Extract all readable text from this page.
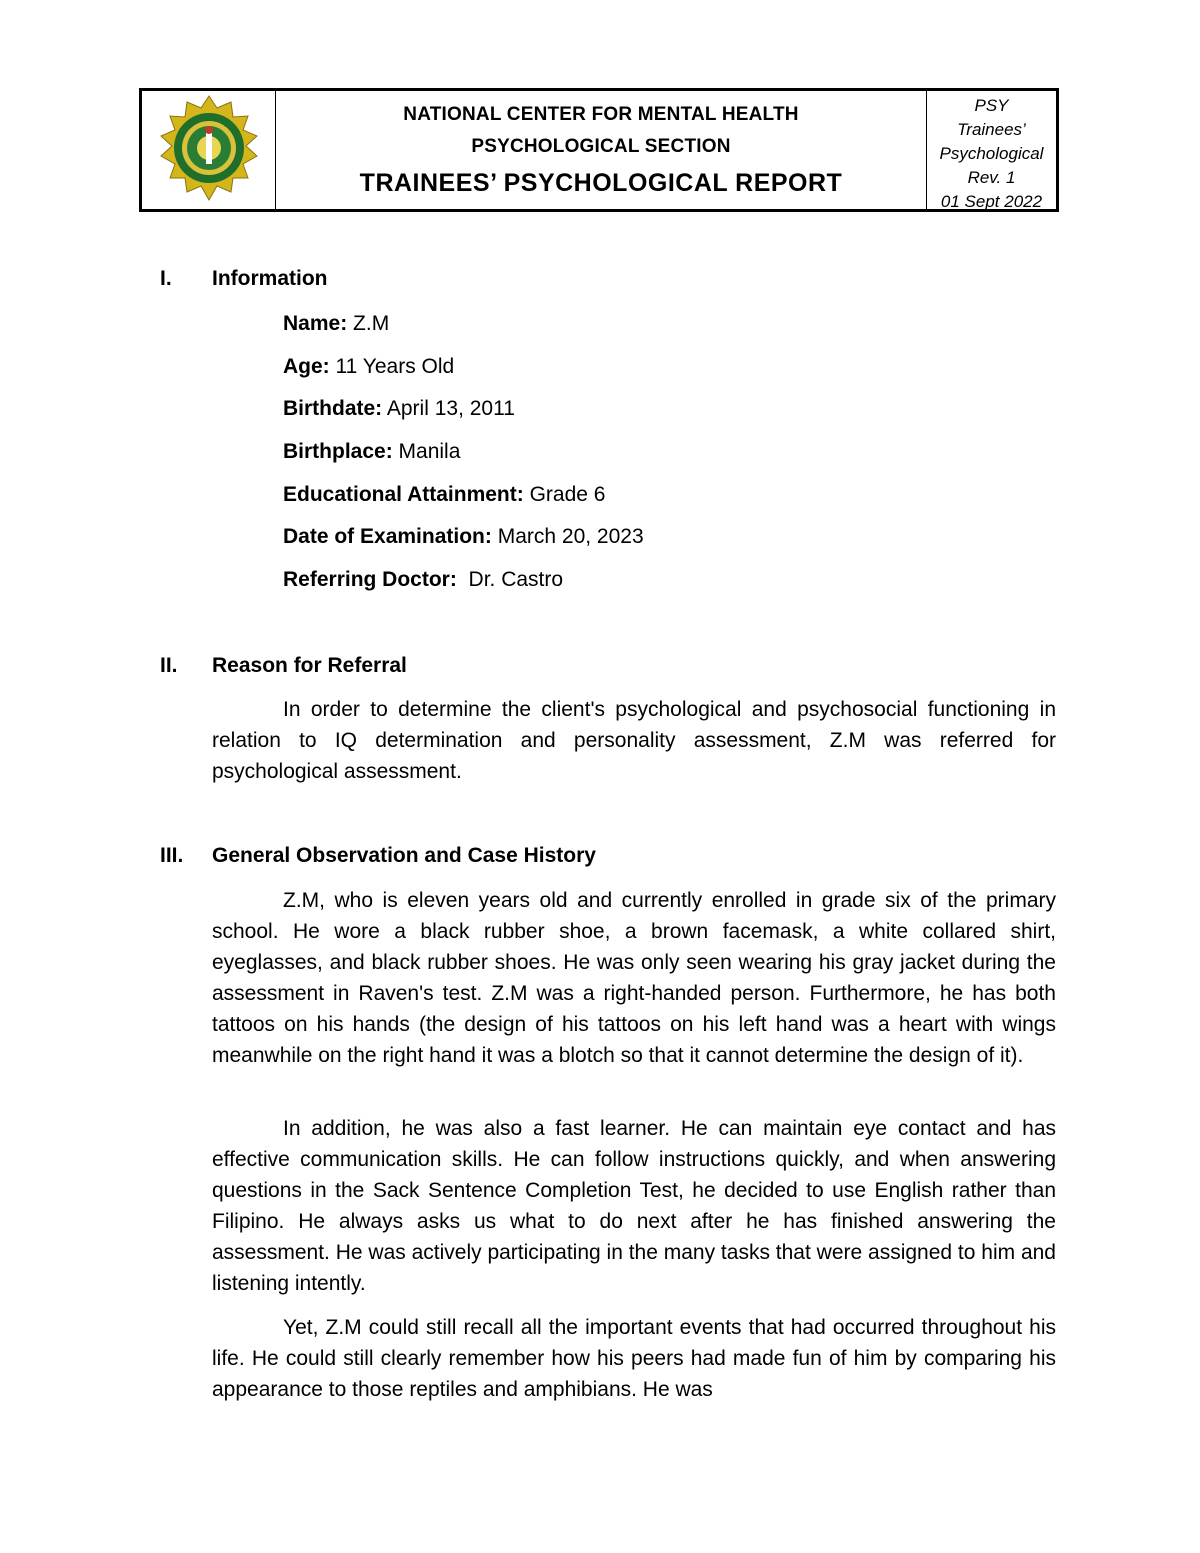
NATIONAL CENTER FOR MENTAL HEALTH
PSYCHOLOGICAL SECTION
TRAINEES’ PSYCHOLOGICAL REPORT
PSY
Trainees’
Psychological
Rev. 1
01 Sept 2022
I. Information
Name: Z.M
Age: 11 Years Old
Birthdate: April 13, 2011
Birthplace: Manila
Educational Attainment: Grade 6
Date of Examination: March 20, 2023
Referring Doctor: Dr. Castro
II. Reason for Referral

In order to determine the client's psychological and psychosocial functioning in relation to IQ determination and personality assessment, Z.M was referred for psychological assessment.

III. General Observation and Case History

Z.M, who is eleven years old and currently enrolled in grade six of the primary school. He wore a black rubber shoe, a brown facemask, a white collared shirt, eyeglasses, and black rubber shoes. He was only seen wearing his gray jacket during the assessment in Raven's test. Z.M was a right-handed person. Furthermore, he has both tattoos on his hands (the design of his tattoos on his left hand was a heart with wings meanwhile on the right hand it was a blotch so that it cannot determine the design of it).

In addition, he was also a fast learner. He can maintain eye contact and has effective communication skills. He can follow instructions quickly, and when answering questions in the Sack Sentence Completion Test, he decided to use English rather than Filipino. He always asks us what to do next after he has finished answering the assessment. He was actively participating in the many tasks that were assigned to him and listening intently.

Yet, Z.M could still recall all the important events that had occurred throughout his life. He could still clearly remember how his peers had made fun of him by comparing his appearance to those reptiles and amphibians. He was
